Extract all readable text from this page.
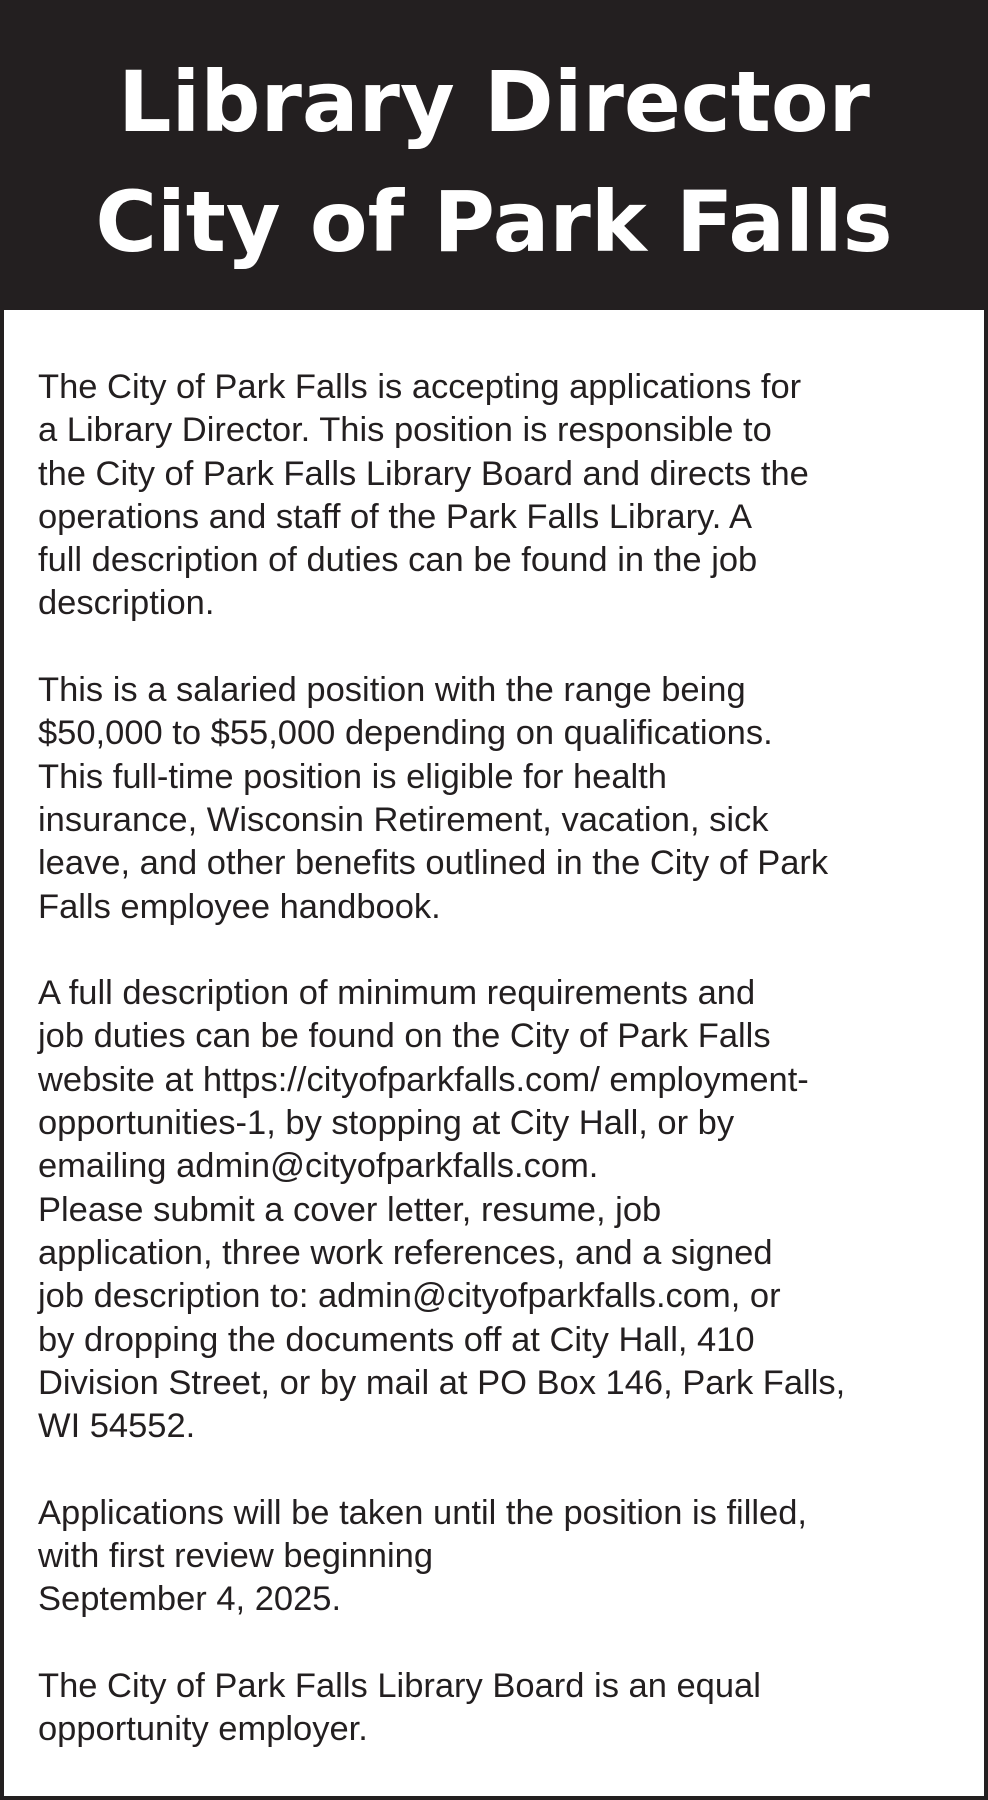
Library Director
City of Park Falls
The City of Park Falls is accepting applications for
a Library Director. This position is responsible to
the City of Park Falls Library Board and directs the
operations and staff of the Park Falls Library. A
full description of duties can be found in the job
description.
This is a salaried position with the range being
$50,000 to $55,000 depending on qualifications.
This full-time position is eligible for health
insurance, Wisconsin Retirement, vacation, sick
leave, and other benefits outlined in the City of Park
Falls employee handbook.
A full description of minimum requirements and
job duties can be found on the City of Park Falls
website at https://cityofparkfalls.com/ employment-
opportunities-1, by stopping at City Hall, or by
emailing admin@cityofparkfalls.com.
Please submit a cover letter, resume, job
application, three work references, and a signed
job description to: admin@cityofparkfalls.com, or
by dropping the documents off at City Hall, 410
Division Street, or by mail at PO Box 146, Park Falls,
WI 54552.
Applications will be taken until the position is filled,
with first review beginning
September 4, 2025.
The City of Park Falls Library Board is an equal
opportunity employer.
